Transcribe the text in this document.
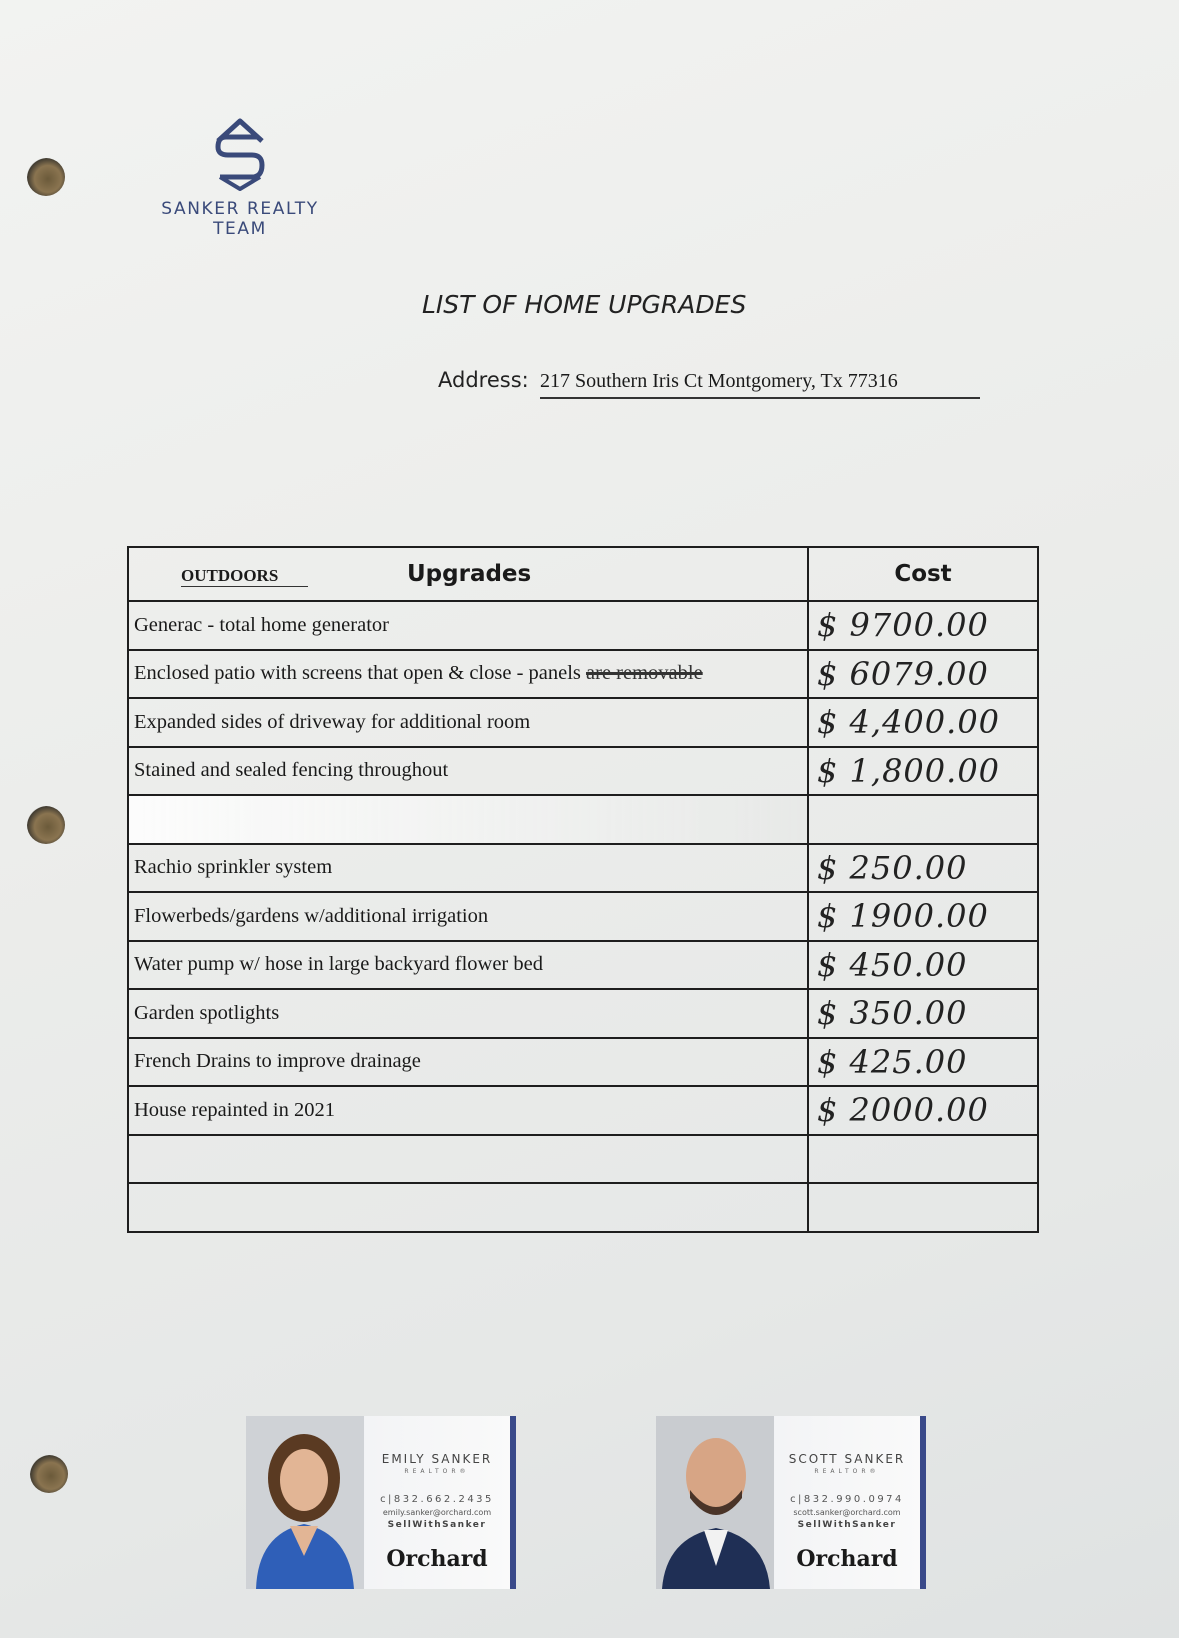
SANKER REALTY TEAM
LIST OF HOME UPGRADES
Address: 217 Southern Iris Ct Montgomery, Tx 77316
OUTDOORS Upgrades	Cost
Generac - total home generator	$ 9700.00
Enclosed patio with screens that open & close - panels are removable	$ 6079.00
Expanded sides of driveway for additional room	$ 4,400.00
Stained and sealed fencing throughout	$ 1,800.00

Rachio sprinkler system	$ 250.00
Flowerbeds/gardens w/additional irrigation	$ 1900.00
Water pump w/ hose in large backyard flower bed	$ 450.00
Garden spotlights	$ 350.00
French Drains to improve drainage	$ 425.00
House repainted in 2021	$ 2000.00

EMILY SANKER
REALTOR®
c|832.662.2435
emily.sanker@orchard.com
SellWithSanker
Orchard
SCOTT SANKER
REALTOR®
c|832.990.0974
scott.sanker@orchard.com
SellWithSanker
Orchard
